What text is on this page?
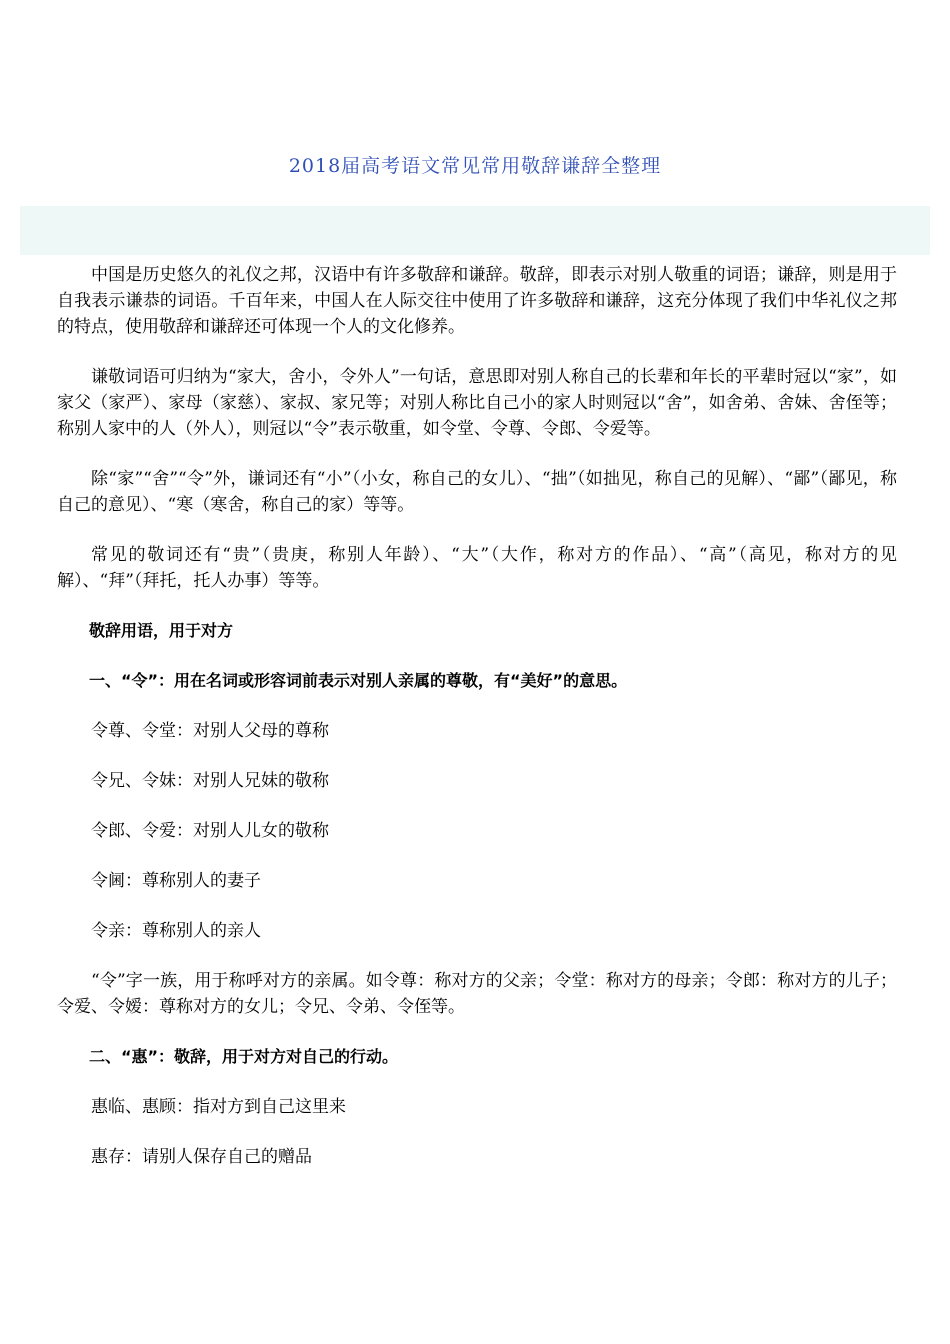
2018届高考语文常见常用敬辞谦辞全整理

中国是历史悠久的礼仪之邦，汉语中有许多敬辞和谦辞。敬辞，即表示对别人敬重的词语；谦辞，则是用于自我表示谦恭的词语。千百年来，中国人在人际交往中使用了许多敬辞和谦辞，这充分体现了我们中华礼仪之邦的特点，使用敬辞和谦辞还可体现一个人的文化修养。

谦敬词语可归纳为“家大，舍小，令外人”一句话，意思即对别人称自己的长辈和年长的平辈时冠以“家”，如家父（家严）、家母（家慈）、家叔、家兄等；对别人称比自己小的家人时则冠以“舍”，如舍弟、舍妹、舍侄等；称别人家中的人（外人），则冠以“令”表示敬重，如令堂、令尊、令郎、令爱等。

除“家”“舍”“令”外，谦词还有“小”（小女，称自己的女儿）、“拙”（如拙见，称自己的见解）、“鄙”（鄙见，称自己的意见）、“寒（寒舍，称自己的家）等等。

常见的敬词还有“贵”（贵庚，称别人年龄）、“大”（大作，称对方的作品）、“高”（高见，称对方的见解）、“拜”（拜托，托人办事）等等。

敬辞用语，用于对方

一、“令”：用在名词或形容词前表示对别人亲属的尊敬，有“美好”的意思。

令尊、令堂：对别人父母的尊称

令兄、令妹：对别人兄妹的敬称

令郎、令爱：对别人儿女的敬称

令阃：尊称别人的妻子

令亲：尊称别人的亲人

“令”字一族，用于称呼对方的亲属。如令尊：称对方的父亲；令堂：称对方的母亲；令郎：称对方的儿子；令爱、令嫒：尊称对方的女儿；令兄、令弟、令侄等。

二、“惠”：敬辞，用于对方对自己的行动。

惠临、惠顾：指对方到自己这里来

惠存：请别人保存自己的赠品
